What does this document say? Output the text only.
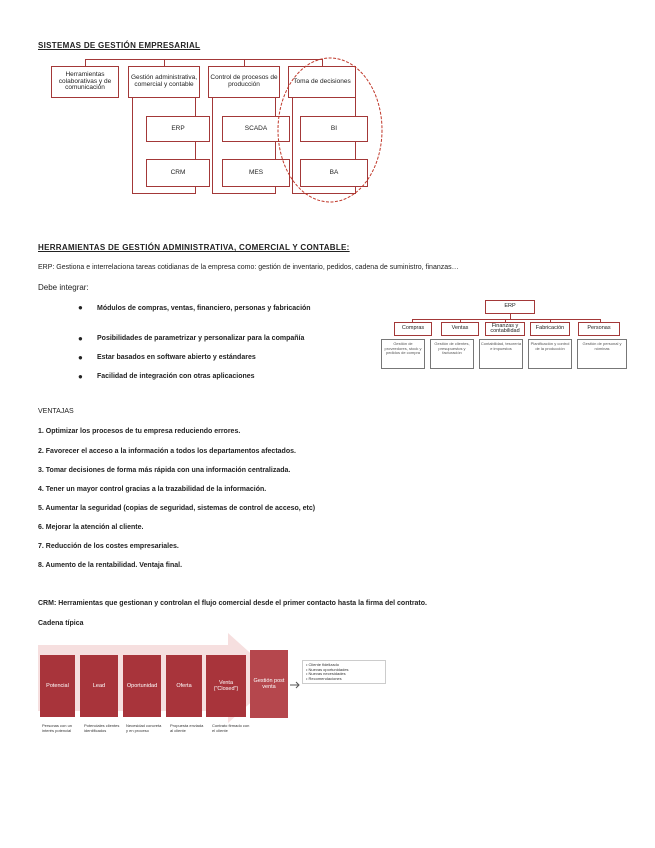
SISTEMAS DE GESTIÓN EMPRESARIAL
Herramientas colaborativas y de comunicación
Gestión administrativa, comercial y contable
Control de procesos de producción	Toma de decisiones
ERP
CRM
SCADA
MES
BI
BA
HERRAMIENTAS DE GESTIÓN ADMINISTRATIVA, COMERCIAL Y CONTABLE:
ERP: Gestiona e interrelaciona tareas cotidianas de la empresa como: gestión de inventario, pedidos, cadena de suministro, finanzas…
Debe integrar:
● Módulos de compras, ventas, financiero, personas y fabricación
● Posibilidades de parametrizar y personalizar para la compañía
● Estar basados en software abierto y estándares
● Facilidad de integración con otras aplicaciones
ERP
Compras	Ventas	Finanzas y contabilidad	Fabricación	Personas
Gestión de proveedores, stock y pedidos de compra
Gestión de clientes, presupuestos y facturación
Contabilidad, tesorería e impuestos
Planificación y control de la producción
Gestión de personal y nóminas
VENTAJAS
1. Optimizar los procesos de tu empresa reduciendo errores.
2. Favorecer el acceso a la información a todos los departamentos afectados.
3. Tomar decisiones de forma más rápida con una información centralizada.
4. Tener un mayor control gracias a la trazabilidad de la información.
5. Aumentar la seguridad (copias de seguridad, sistemas de control de acceso, etc)
6. Mejorar la atención al cliente.
7. Reducción de los costes empresariales.
8. Aumento de la rentabilidad. Ventaja final.
CRM: Herramientas que gestionan y controlan el flujo comercial desde el primer contacto hasta la firma del contrato.
Cadena típica
Potencial	Lead	Oportunidad	Oferta
Venta ("Closed")
Gestión post venta
• Cliente fidelizado
• Nuevas oportunidades
• Nuevas necesidades
• Recomendaciones
Personas con un interés potencial
Potenciales clientes identificados
Necesidad concreta y en proceso
Propuesta enviada al cliente
Contrato firmado con el cliente
